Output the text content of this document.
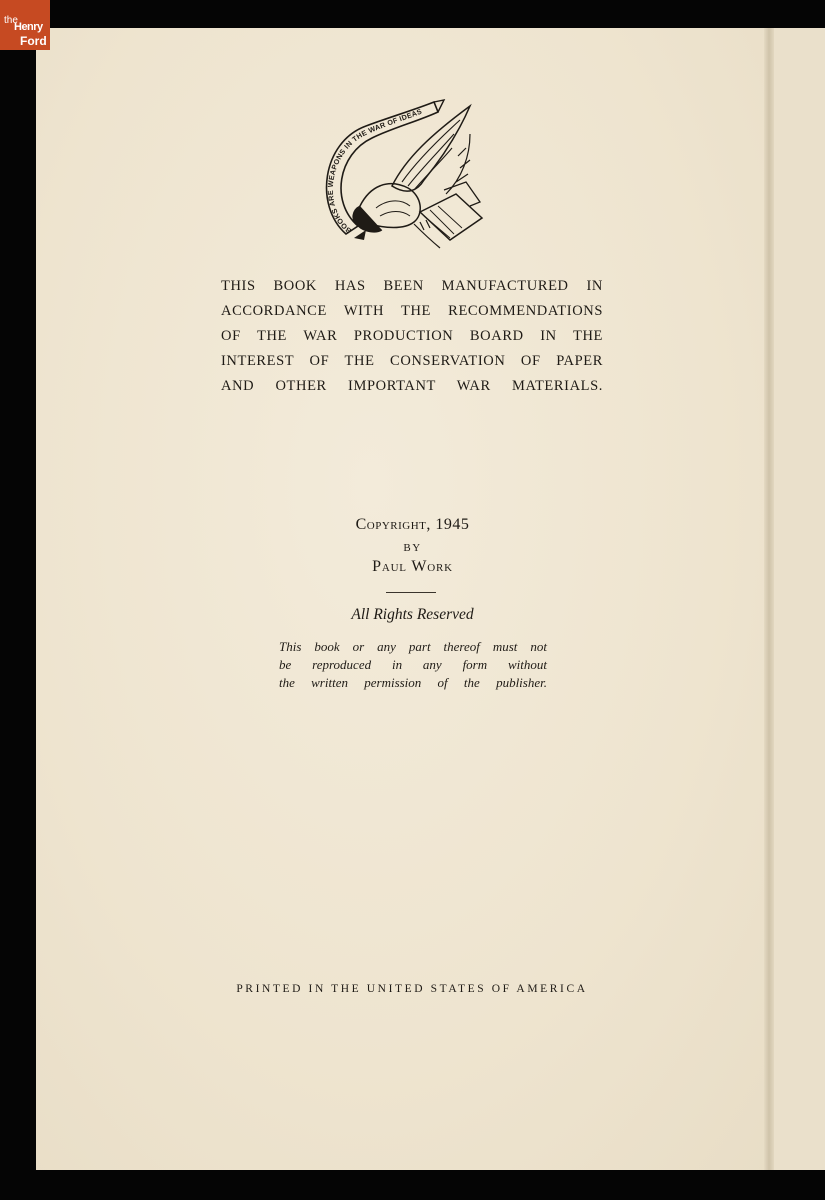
the
Henry
Ford
BOOKS ARE WEAPONS IN THE WAR OF IDEAS
THIS BOOK HAS BEEN MANUFACTURED IN
ACCORDANCE WITH THE RECOMMENDATIONS
OF THE WAR PRODUCTION BOARD IN THE
INTEREST OF THE CONSERVATION OF PAPER
AND OTHER IMPORTANT WAR MATERIALS.
Copyright, 1945
BY
Paul Work
All Rights Reserved
This book or any part thereof must not
be reproduced in any form without
the written permission of the publisher.
PRINTED IN THE UNITED STATES OF AMERICA
